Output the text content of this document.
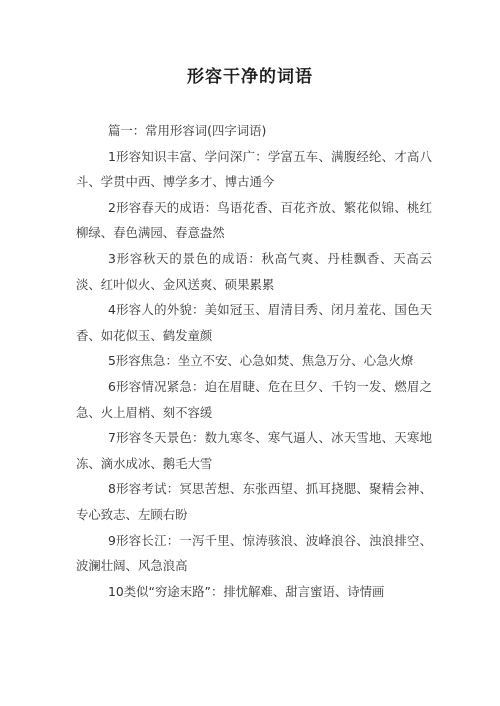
形容干净的词语

篇一：常用形容词(四字词语)

1形容知识丰富、学问深广：学富五车、满腹经纶、才高八斗、学贯中西、博学多才、博古通今

2形容春天的成语：鸟语花香、百花齐放、繁花似锦、桃红柳绿、春色满园、春意盎然

3形容秋天的景色的成语：秋高气爽、丹桂飘香、天高云淡、红叶似火、金风送爽、硕果累累

4形容人的外貌：美如冠玉、眉清目秀、闭月羞花、国色天香、如花似玉、鹤发童颜

5形容焦急：坐立不安、心急如焚、焦急万分、心急火燎

6形容情况紧急：迫在眉睫、危在旦夕、千钧一发、燃眉之急、火上眉梢、刻不容缓

7形容冬天景色：数九寒冬、寒气逼人、冰天雪地、天寒地冻、滴水成冰、鹅毛大雪

8形容考试：冥思苦想、东张西望、抓耳挠腮、聚精会神、专心致志、左顾右盼

9形容长江：一泻千里、惊涛骇浪、波峰浪谷、浊浪排空、波澜壮阔、风急浪高

10类似“穷途末路”：排忧解难、甜言蜜语、诗情画
